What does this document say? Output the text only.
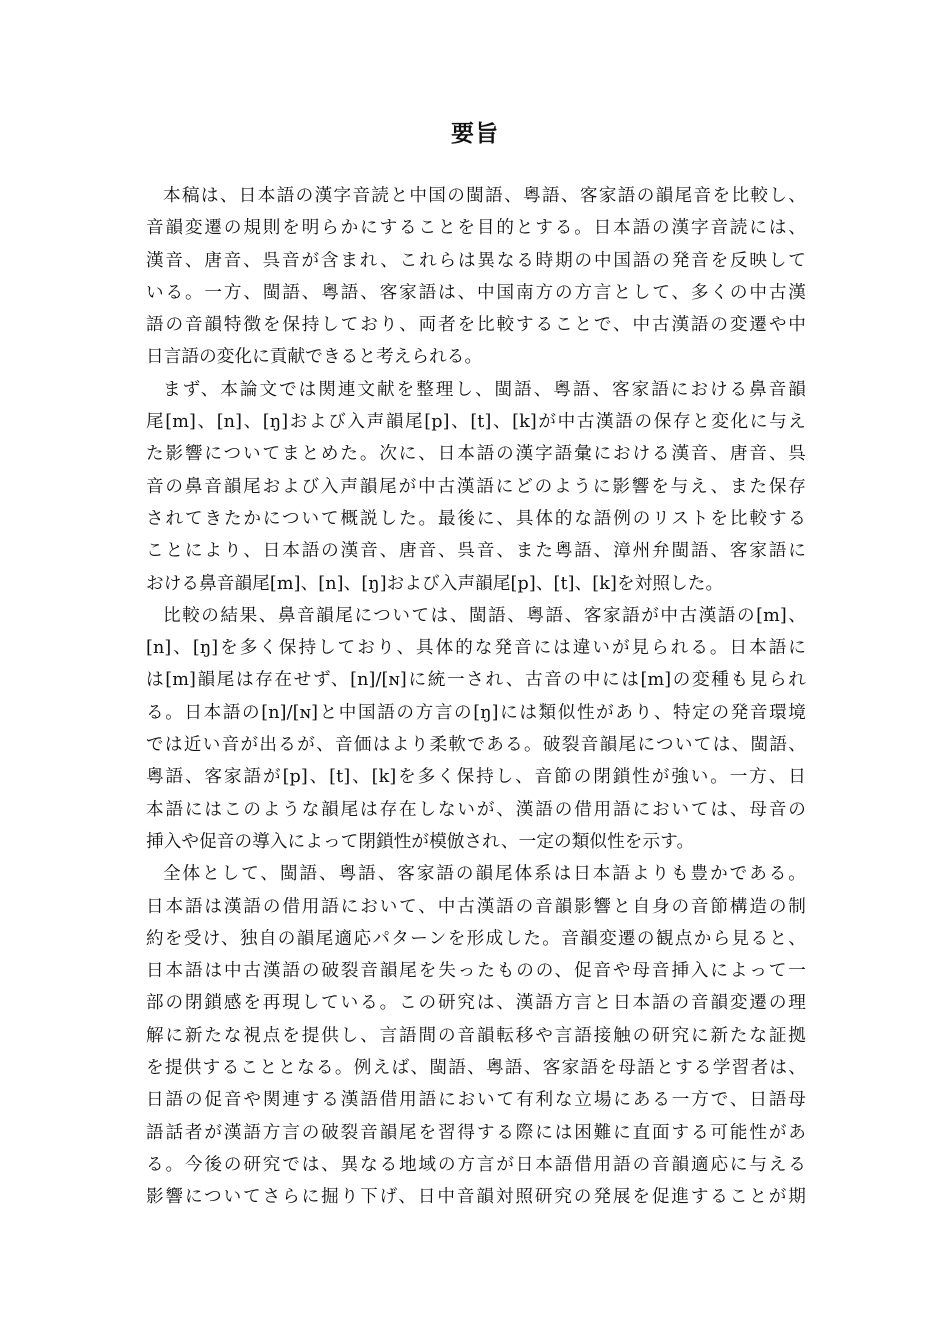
要旨
本稿は、日本語の漢字音読と中国の閩語、粵語、客家語の韻尾音を比較し、
音韻変遷の規則を明らかにすることを目的とする。日本語の漢字音読には、
漢音、唐音、呉音が含まれ、これらは異なる時期の中国語の発音を反映して
いる。一方、閩語、粵語、客家語は、中国南方の方言として、多くの中古漢
語の音韻特徴を保持しており、両者を比較することで、中古漢語の変遷や中
日言語の変化に貢献できると考えられる。
まず、本論文では関連文献を整理し、閩語、粵語、客家語における鼻音韻
尾[m]、[n]、[ŋ]および入声韻尾[p]、[t]、[k]が中古漢語の保存と変化に与え
た影響についてまとめた。次に、日本語の漢字語彙における漢音、唐音、呉
音の鼻音韻尾および入声韻尾が中古漢語にどのように影響を与え、また保存
されてきたかについて概説した。最後に、具体的な語例のリストを比較する
ことにより、日本語の漢音、唐音、呉音、また粵語、漳州弁閩語、客家語に
おける鼻音韻尾[m]、[n]、[ŋ]および入声韻尾[p]、[t]、[k]を対照した。
比較の結果、鼻音韻尾については、閩語、粵語、客家語が中古漢語の[m]、
[n]、[ŋ]を多く保持しており、具体的な発音には違いが見られる。日本語に
は[m]韻尾は存在せず、[n]/[ɴ]に統一され、古音の中には[m]の変種も見られ
る。日本語の[n]/[ɴ]と中国語の方言の[ŋ]には類似性があり、特定の発音環境
では近い音が出るが、音価はより柔軟である。破裂音韻尾については、閩語、
粵語、客家語が[p]、[t]、[k]を多く保持し、音節の閉鎖性が強い。一方、日
本語にはこのような韻尾は存在しないが、漢語の借用語においては、母音の
挿入や促音の導入によって閉鎖性が模倣され、一定の類似性を示す。
全体として、閩語、粵語、客家語の韻尾体系は日本語よりも豊かである。
日本語は漢語の借用語において、中古漢語の音韻影響と自身の音節構造の制
約を受け、独自の韻尾適応パターンを形成した。音韻変遷の観点から見ると、
日本語は中古漢語の破裂音韻尾を失ったものの、促音や母音挿入によって一
部の閉鎖感を再現している。この研究は、漢語方言と日本語の音韻変遷の理
解に新たな視点を提供し、言語間の音韻転移や言語接触の研究に新たな証拠
を提供することとなる。例えば、閩語、粵語、客家語を母語とする学習者は、
日語の促音や関連する漢語借用語において有利な立場にある一方で、日語母
語話者が漢語方言の破裂音韻尾を習得する際には困難に直面する可能性があ
る。今後の研究では、異なる地域の方言が日本語借用語の音韻適応に与える
影響についてさらに掘り下げ、日中音韻対照研究の発展を促進することが期
